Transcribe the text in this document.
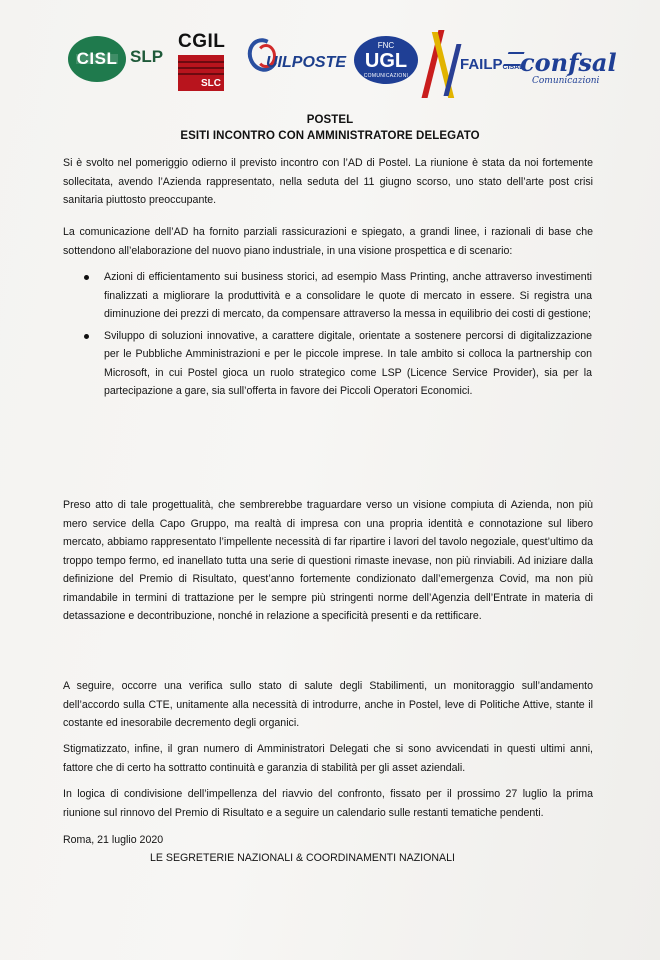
CISL SLP
CGIL
SLC
UILPOSTE
FNC
UGL
COMUNICAZIONI
FAILPCISAL
confsal
Comunicazioni
POSTEL
ESITI INCONTRO CON AMMINISTRATORE DELEGATO
Si è svolto nel pomeriggio odierno il previsto incontro con l’AD di Postel. La riunione è stata da noi fortemente sollecitata, avendo l’Azienda rappresentato, nella seduta del 11 giugno scorso, uno stato dell’arte post crisi sanitaria piuttosto preoccupante.
La comunicazione dell’AD ha fornito parziali rassicurazioni e spiegato, a grandi linee, i razionali di base che sottendono all’elaborazione del nuovo piano industriale, in una visione prospettica e di scenario:
Azioni di efficientamento sui business storici, ad esempio Mass Printing, anche attraverso investimenti finalizzati a migliorare la produttività e a consolidare le quote di mercato in essere. Si registra una diminuzione dei prezzi di mercato, da compensare attraverso la messa in equilibrio dei costi di gestione;
Sviluppo di soluzioni innovative, a carattere digitale, orientate a sostenere percorsi di digitalizzazione per le Pubbliche Amministrazioni e per le piccole imprese. In tale ambito si colloca la partnership con Microsoft, in cui Postel gioca un ruolo strategico come LSP (Licence Service Provider), sia per la partecipazione a gare, sia sull’offerta in favore dei Piccoli Operatori Economici.
Preso atto di tale progettualità, che sembrerebbe traguardare verso un visione compiuta di Azienda, non più mero service della Capo Gruppo, ma realtà di impresa con una propria identità e connotazione sul libero mercato, abbiamo rappresentato l’impellente necessità di far ripartire i lavori del tavolo negoziale, quest’ultimo da troppo tempo fermo, ed inanellato tutta una serie di questioni rimaste inevase, non più rinviabili. Ad iniziare dalla definizione del Premio di Risultato, quest’anno fortemente condizionato dall’emergenza Covid, ma non più rimandabile in termini di trattazione per le sempre più stringenti norme dell’Agenzia dell’Entrate in materia di detassazione e decontribuzione, nonché in relazione a specificità presenti e da rettificare.
A seguire, occorre una verifica sullo stato di salute degli Stabilimenti, un monitoraggio sull’andamento dell’accordo sulla CTE, unitamente alla necessità di introdurre, anche in Postel, leve di Politiche Attive, stante il costante ed inesorabile decremento degli organici.
Stigmatizzato, infine, il gran numero di Amministratori Delegati che si sono avvicendati in questi ultimi anni, fattore che di certo ha sottratto continuità e garanzia di stabilità per gli asset aziendali.
In logica di condivisione dell’impellenza del riavvio del confronto, fissato per il prossimo 27 luglio la prima riunione sul rinnovo del Premio di Risultato e a seguire un calendario sulle restanti tematiche pendenti.
Roma, 21 luglio 2020
LE SEGRETERIE NAZIONALI & COORDINAMENTI NAZIONALI
